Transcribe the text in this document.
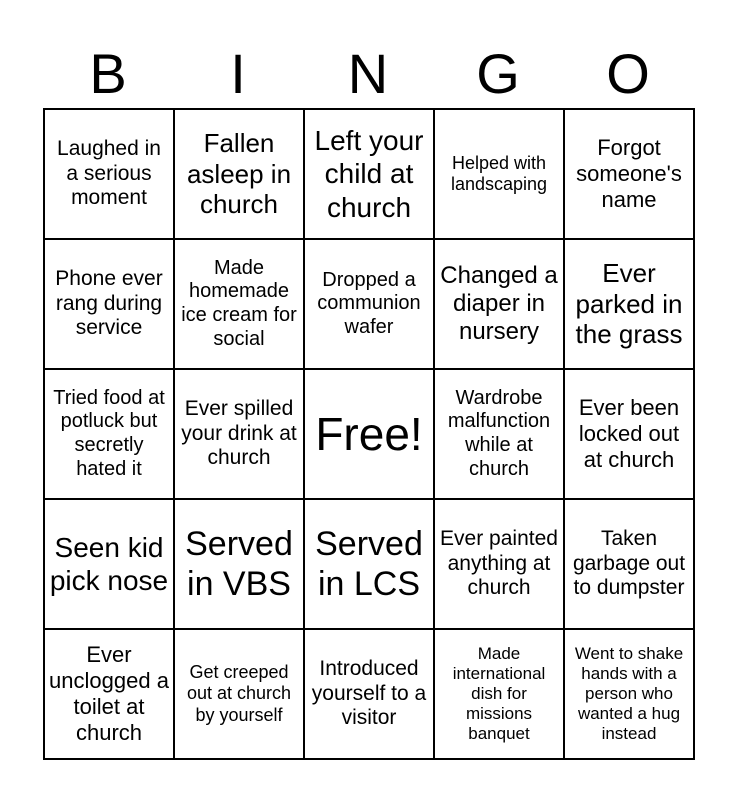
B	I	N	G	O
Laughed in a serious moment	Fallen asleep in church	Left your child at church	Helped with landscaping	Forgot someone's name
Phone ever rang during service	Made homemade ice cream for social	Dropped a communion wafer	Changed a diaper in nursery	Ever parked in the grass
Tried food at potluck but secretly hated it	Ever spilled your drink at church	Free!	Wardrobe malfunction while at church	Ever been locked out at church
Seen kid pick nose	Served in VBS	Served in LCS	Ever painted anything at church	Taken garbage out to dumpster
Ever unclogged a toilet at church	Get creeped out at church by yourself	Introduced yourself to a visitor	Made international dish for missions banquet	Went to shake hands with a person who wanted a hug instead
